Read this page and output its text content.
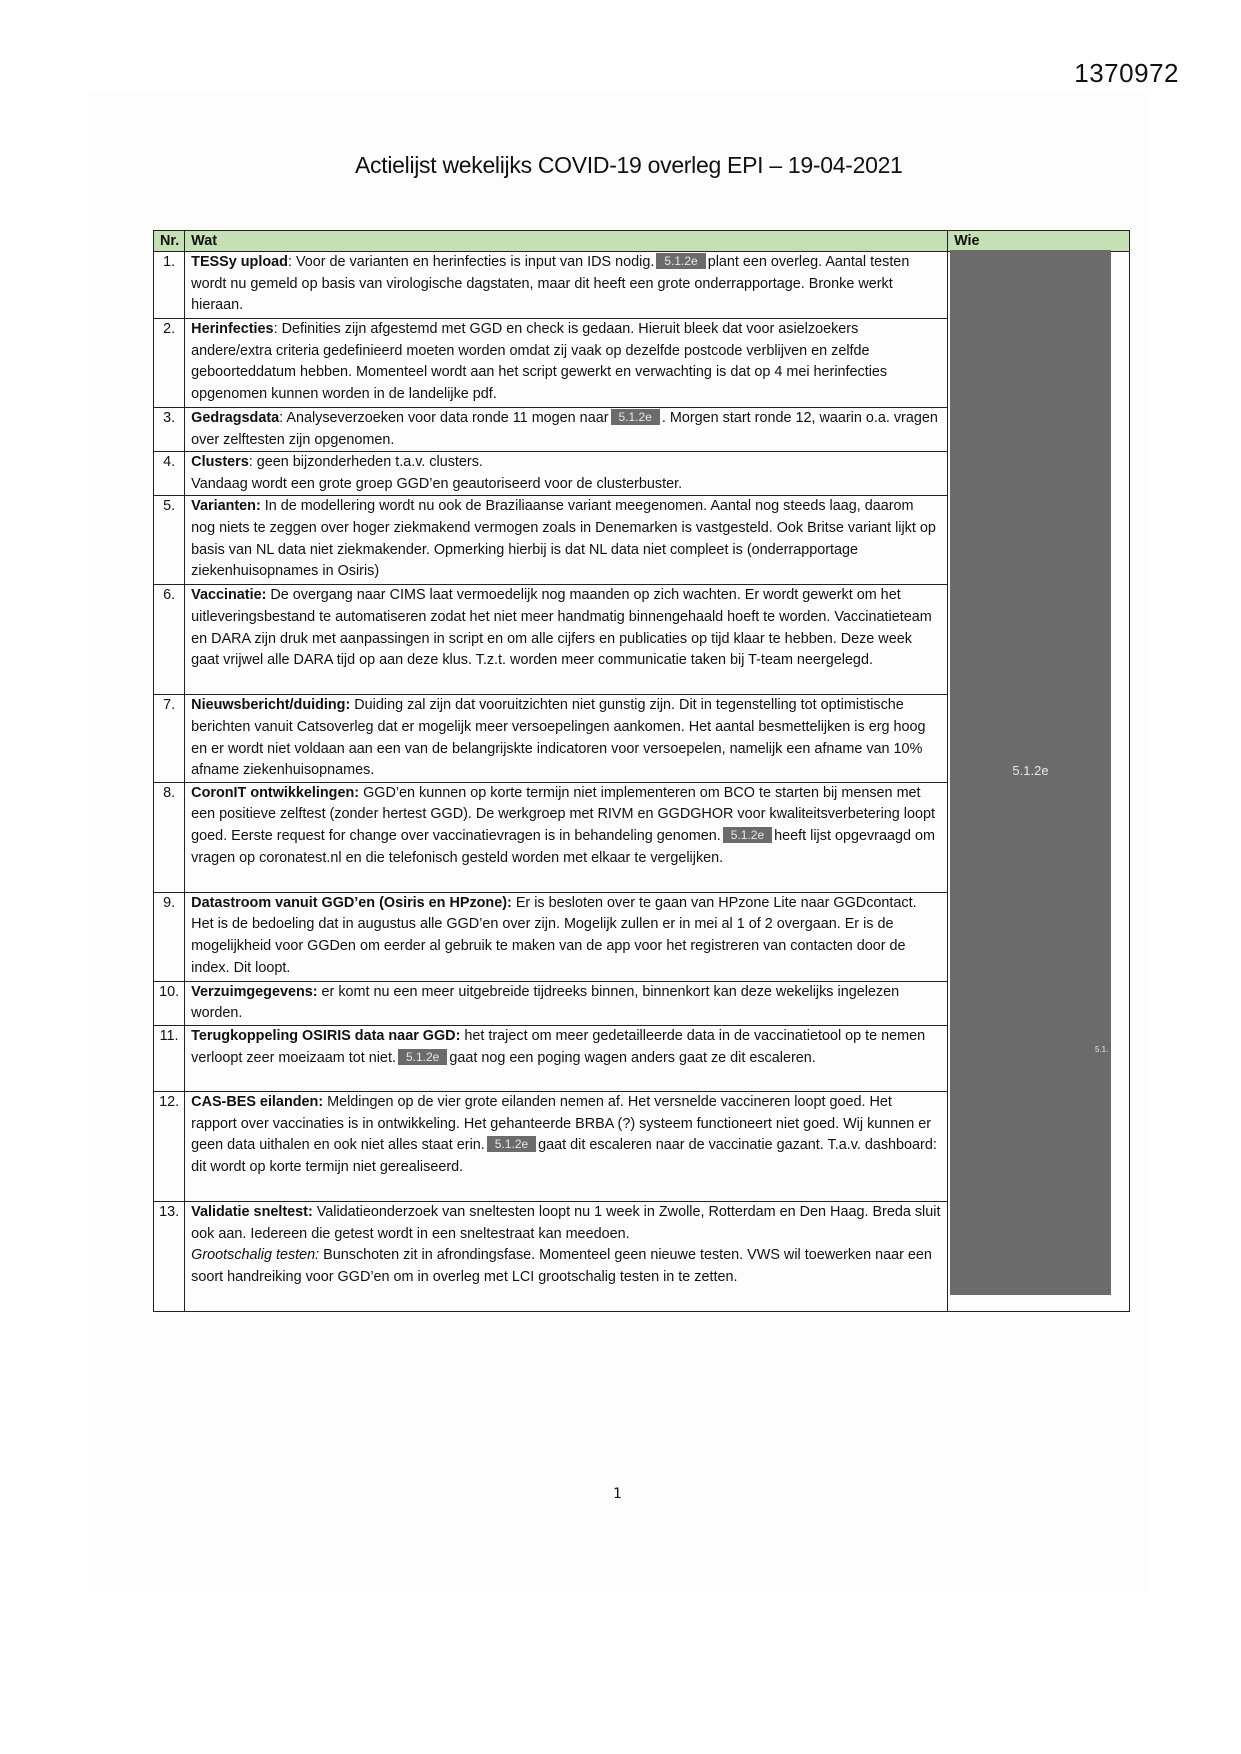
1370972
Actielijst wekelijks COVID-19 overleg EPI – 19-04-2021
Nr.	Wat	Wie
1.	TESSy upload: Voor de varianten en herinfecties is input van IDS nodig. 5.1.2e plant een overleg. Aantal testen wordt nu gemeld op basis van virologische dagstaten, maar dit heeft een grote onderrapportage. Bronke werkt hieraan.	
2.	Herinfecties: Definities zijn afgestemd met GGD en check is gedaan. Hieruit bleek dat voor asielzoekers andere/extra criteria gedefinieerd moeten worden omdat zij vaak op dezelfde postcode verblijven en zelfde geboorteddatum hebben. Momenteel wordt aan het script gewerkt en verwachting is dat op 4 mei herinfecties opgenomen kunnen worden in de landelijke pdf.	
3.	Gedragsdata: Analyseverzoeken voor data ronde 11 mogen naar 5.1.2e . Morgen start ronde 12, waarin o.a. vragen over zelftesten zijn opgenomen.	
4.	Clusters: geen bijzonderheden t.a.v. clusters.
Vandaag wordt een grote groep GGD’en geautoriseerd voor de clusterbuster.	
5.	Varianten: In de modellering wordt nu ook de Braziliaanse variant meegenomen. Aantal nog steeds laag, daarom nog niets te zeggen over hoger ziekmakend vermogen zoals in Denemarken is vastgesteld. Ook Britse variant lijkt op basis van NL data niet ziekmakender. Opmerking hierbij is dat NL data niet compleet is (onderrapportage ziekenhuisopnames in Osiris)	
6.	Vaccinatie: De overgang naar CIMS laat vermoedelijk nog maanden op zich wachten. Er wordt gewerkt om het uitleveringsbestand te automatiseren zodat het niet meer handmatig binnengehaald hoeft te worden. Vaccinatieteam en DARA zijn druk met aanpassingen in script en om alle cijfers en publicaties op tijd klaar te hebben. Deze week gaat vrijwel alle DARA tijd op aan deze klus. T.z.t. worden meer communicatie taken bij T-team neergelegd.	
7.	Nieuwsbericht/duiding: Duiding zal zijn dat vooruitzichten niet gunstig zijn. Dit in tegenstelling tot optimistische berichten vanuit Catsoverleg dat er mogelijk meer versoepelingen aankomen. Het aantal besmettelijken is erg hoog en er wordt niet voldaan aan een van de belangrijskte indicatoren voor versoepelen, namelijk een afname van 10% afname ziekenhuisopnames.	
8.	CoronIT ontwikkelingen: GGD’en kunnen op korte termijn niet implementeren om BCO te starten bij mensen met een positieve zelftest (zonder hertest GGD). De werkgroep met RIVM en GGDGHOR voor kwaliteitsverbetering loopt goed. Eerste request for change over vaccinatievragen is in behandeling genomen. 5.1.2e heeft lijst opgevraagd om vragen op coronatest.nl en die telefonisch gesteld worden met elkaar te vergelijken.	
9.	Datastroom vanuit GGD’en (Osiris en HPzone): Er is besloten over te gaan van HPzone Lite naar GGDcontact. Het is de bedoeling dat in augustus alle GGD’en over zijn. Mogelijk zullen er in mei al 1 of 2 overgaan. Er is de mogelijkheid voor GGDen om eerder al gebruik te maken van de app voor het registreren van contacten door de index. Dit loopt.	
10.	Verzuimgegevens: er komt nu een meer uitgebreide tijdreeks binnen, binnenkort kan deze wekelijks ingelezen worden.	
11.	Terugkoppeling OSIRIS data naar GGD: het traject om meer gedetailleerde data in de vaccinatietool op te nemen verloopt zeer moeizaam tot niet. 5.1.2e gaat nog een poging wagen anders gaat ze dit escaleren.	
12.	CAS-BES eilanden: Meldingen op de vier grote eilanden nemen af. Het versnelde vaccineren loopt goed. Het rapport over vaccinaties is in ontwikkeling. Het gehanteerde BRBA (?) systeem functioneert niet goed. Wij kunnen er geen data uithalen en ook niet alles staat erin. 5.1.2e gaat dit escaleren naar de vaccinatie gazant. T.a.v. dashboard: dit wordt op korte termijn niet gerealiseerd.	
13.	Validatie sneltest: Validatieonderzoek van sneltesten loopt nu 1 week in Zwolle, Rotterdam en Den Haag. Breda sluit ook aan. Iedereen die getest wordt in een sneltestraat kan meedoen.
Grootschalig testen: Bunschoten zit in afrondingsfase. Momenteel geen nieuwe testen. VWS wil toewerken naar een soort handreiking voor GGD’en om in overleg met LCI grootschalig testen in te zetten.	
5.1.2e
5.1.
1
